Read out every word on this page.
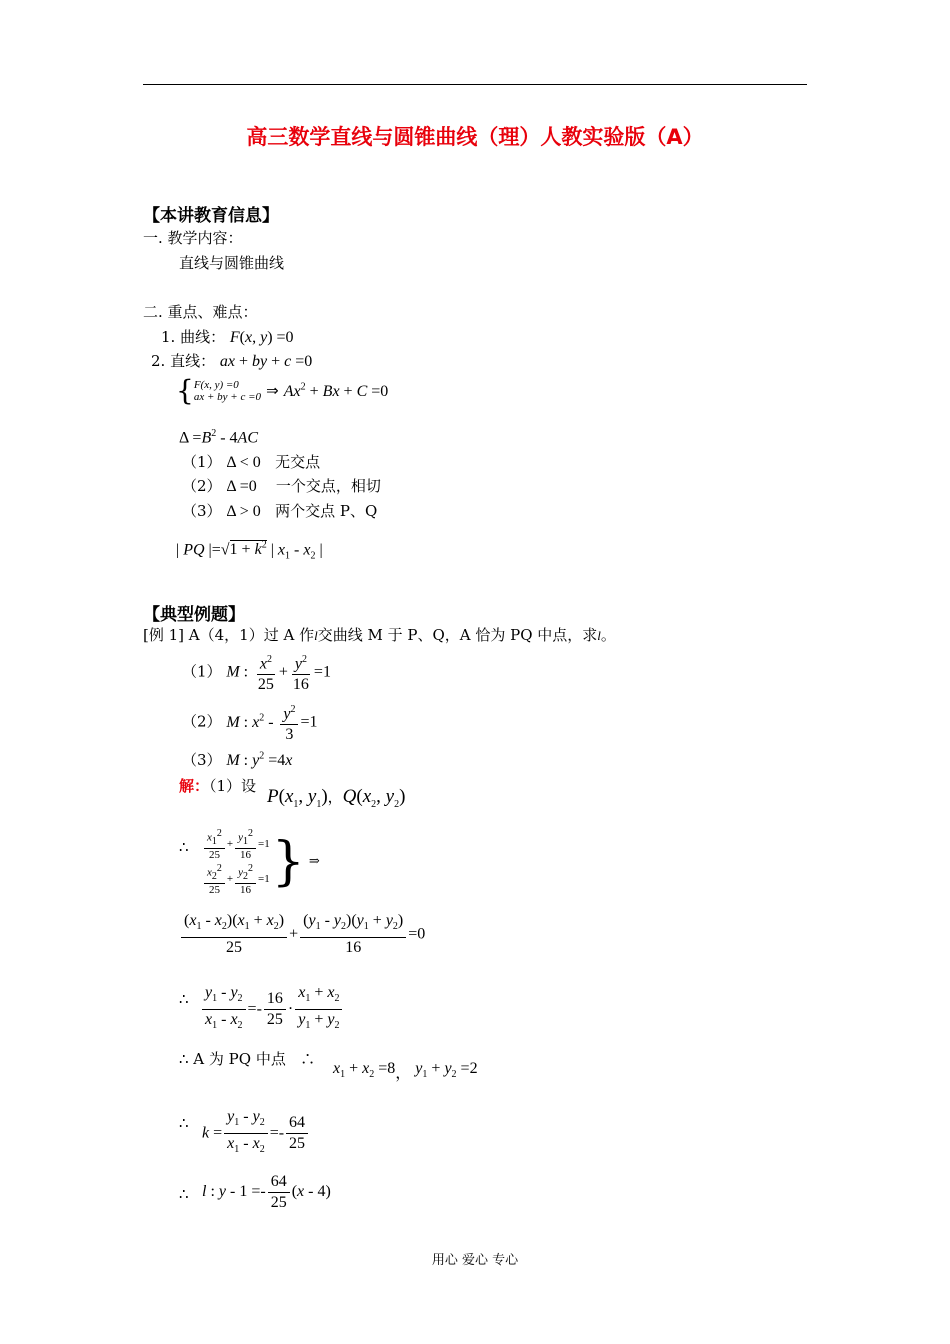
高三数学直线与圆锥曲线（理）人教实验版（A）
【本讲教育信息】
一. 教学内容：
直线与圆锥曲线
二. 重点、难点：
1. 曲线： F(x, y) =0
2. 直线： ax + by + c =0
{ F(x, y) =0
ax + by + c =0 ⇒ $Ax^2 + Bx + C =0$
$\Delta =B^2 - 4AC$
（1） Δ < 0 无交点
（2） Δ =0 一个交点，相切
（3） Δ > 0 两个交点 P、Q
| PQ $|=√1 + k^2$ | $x_1 - x_2$ |
【典型例题】
[例 1] A（4，1）过 A 作l交曲线 M 于 P、Q，A 恰为 PQ 中点，求l。
（1） M : $\frac{x^2}{25} + \frac{y^2}{16} =1$
（2） M : $x^2 - \frac{y^2}{3} =1$
（3） M : $y^2 =4x$
解：（1）设 $P(x_1$, $y_1)^,Q(x_2$, $y_2$)
∴ $\frac{x_1^2}{25} + \frac{y_1^2}{16} =1$
$\frac{x_2^2}{25} + \frac{y_2^2}{16} =1$ } ⇒
$\frac{(x_1 - x_2)(x_1 + x_2)}{25} + \frac{(y_1 - y_2)(y_1 + y_2)}{16} =0$
∴ $\frac{y_1 - y_2}{x_1 - x_2} =- \frac{16}{25} \cdot \frac{x_1 + x_2}{y_1 + y_2}$
∴ A 为 PQ 中点 ∴
$x_1 + x_2 =8$， $y_1 + y_2 =2$
∴
$k = \frac{y_1 - y_2}{x_1 - x_2} =- \frac{64}{25}$
∴ l : $y - 1 =- \frac{64}{25} (x - 4)$
用心 爱心 专心
